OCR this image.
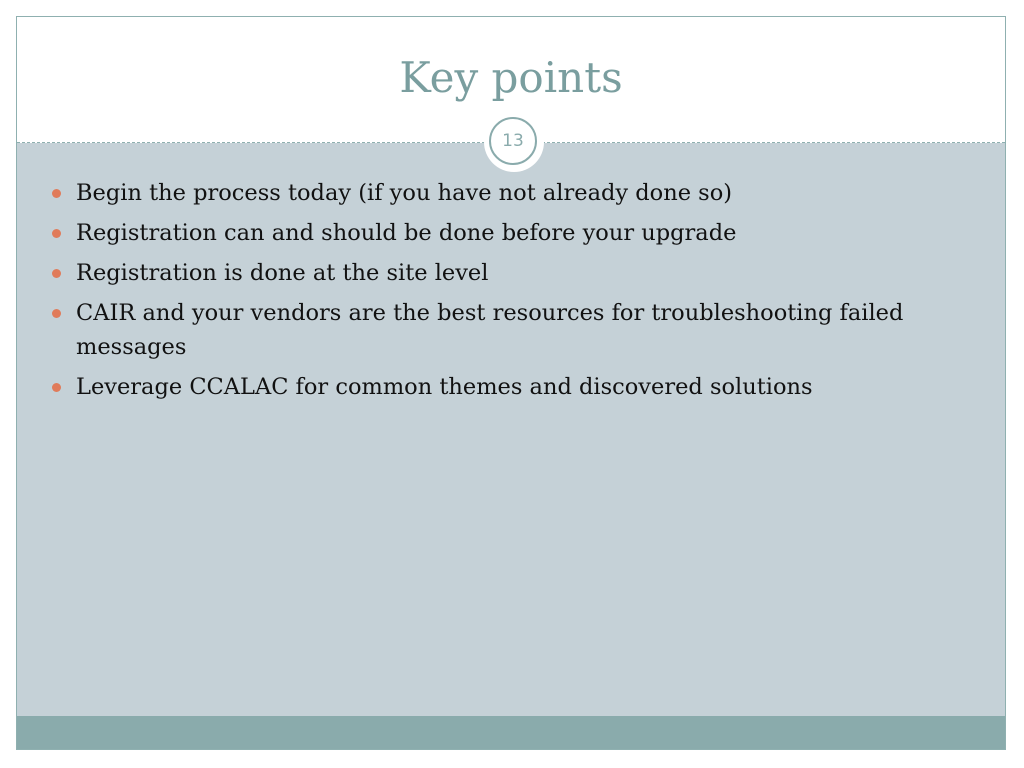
Key points
13
Begin the process today (if you have not already done so)
Registration can and should be done before your upgrade
Registration is done at the site level
CAIR and your vendors are the best resources for troubleshooting failed messages
Leverage CCALAC for common themes and discovered solutions
